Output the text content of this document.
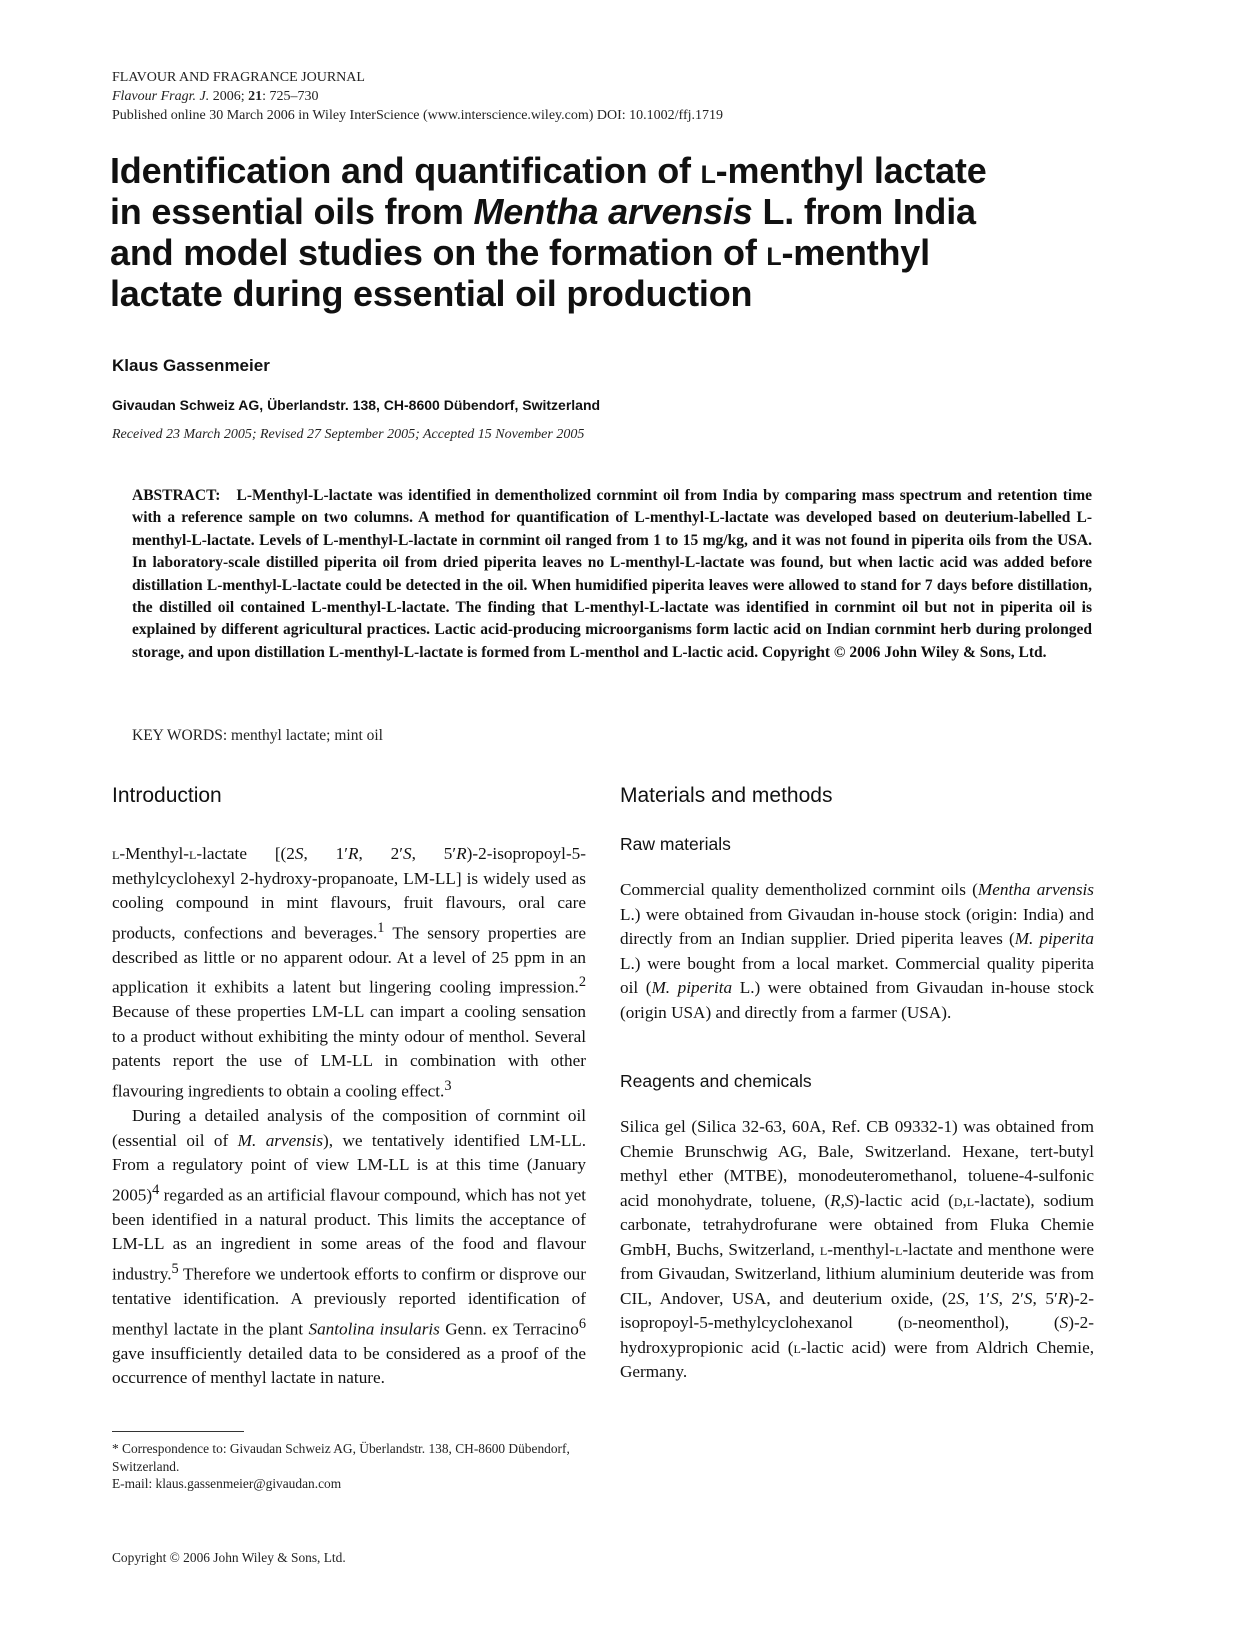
FLAVOUR AND FRAGRANCE JOURNAL
Flavour Fragr. J. 2006; 21: 725–730
Published online 30 March 2006 in Wiley InterScience (www.interscience.wiley.com) DOI: 10.1002/ffj.1719
Identification and quantification of l-menthyl lactate
in essential oils from Mentha arvensis L. from India
and model studies on the formation of l-menthyl
lactate during essential oil production
Klaus Gassenmeier
Givaudan Schweiz AG, Überlandstr. 138, CH-8600 Dübendorf, Switzerland
Received 23 March 2005; Revised 27 September 2005; Accepted 15 November 2005

ABSTRACT: L-Menthyl-L-lactate was identified in dementholized cornmint oil from India by comparing mass spectrum and retention time with a reference sample on two columns. A method for quantification of L-menthyl-L-lactate was developed based on deuterium-labelled L-menthyl-L-lactate. Levels of L-menthyl-L-lactate in cornmint oil ranged from 1 to 15 mg/kg, and it was not found in piperita oils from the USA. In laboratory-scale distilled piperita oil from dried piperita leaves no L-menthyl-L-lactate was found, but when lactic acid was added before distillation L-menthyl-L-lactate could be detected in the oil. When humidified piperita leaves were allowed to stand for 7 days before distillation, the distilled oil contained L-menthyl-L-lactate. The finding that L-menthyl-L-lactate was identified in cornmint oil but not in piperita oil is explained by different agricultural practices. Lactic acid-producing microorganisms form lactic acid on Indian cornmint herb during prolonged storage, and upon distillation L-menthyl-L-lactate is formed from L-menthol and L-lactic acid. Copyright © 2006 John Wiley & Sons, Ltd.

KEY WORDS: menthyl lactate; mint oil
Introduction

l-Menthyl-l-lactate [(2S, 1′R, 2′S, 5′R)-2-isopropoyl-5-methylcyclohexyl 2-hydroxy-propanoate, LM-LL] is widely used as cooling compound in mint flavours, fruit flavours, oral care products, confections and beverages.$^1$ The sensory properties are described as little or no apparent odour. At a level of 25 ppm in an application it exhibits a latent but lingering cooling impression.$^2$ Because of these properties LM-LL can impart a cooling sensation to a product without exhibiting the minty odour of menthol. Several patents report the use of LM-LL in combination with other flavouring ingredients to obtain a cooling effect.$^3$

During a detailed analysis of the composition of cornmint oil (essential oil of M. arvensis), we tentatively identified LM-LL. From a regulatory point of view LM-LL is at this time (January 2005)$^4$ regarded as an artificial flavour compound, which has not yet been identified in a natural product. This limits the acceptance of LM-LL as an ingredient in some areas of the food and flavour industry.$^5$ Therefore we undertook efforts to confirm or disprove our tentative identification. A previously reported identification of menthyl lactate in the plant Santolina insularis Genn. ex Terracino$^6$ gave insufficiently detailed data to be considered as a proof of the occurrence of menthyl lactate in nature.

Materials and methods
Raw materials

Commercial quality dementholized cornmint oils (Mentha arvensis L.) were obtained from Givaudan in-house stock (origin: India) and directly from an Indian supplier. Dried piperita leaves (M. piperita L.) were bought from a local market. Commercial quality piperita oil (M. piperita L.) were obtained from Givaudan in-house stock (origin USA) and directly from a farmer (USA).

Reagents and chemicals

Silica gel (Silica 32-63, 60A, Ref. CB 09332-1) was obtained from Chemie Brunschwig AG, Bale, Switzerland. Hexane, tert-butyl methyl ether (MTBE), monodeuteromethanol, toluene-4-sulfonic acid monohydrate, toluene, (R,S)-lactic acid (d,l-lactate), sodium carbonate, tetrahydrofurane were obtained from Fluka Chemie GmbH, Buchs, Switzerland, l-menthyl-l-lactate and menthone were from Givaudan, Switzerland, lithium aluminium deuteride was from CIL, Andover, USA, and deuterium oxide, (2S, 1′S, 2′S, 5′R)-2-isopropoyl-5-methylcyclohexanol (d-neomenthol), (S)-2-hydroxypropionic acid (l-lactic acid) were from Aldrich Chemie, Germany.

* Correspondence to: Givaudan Schweiz AG, Überlandstr. 138, CH-8600 Dübendorf, Switzerland.
E-mail: klaus.gassenmeier@givaudan.com
Copyright © 2006 John Wiley & Sons, Ltd.
